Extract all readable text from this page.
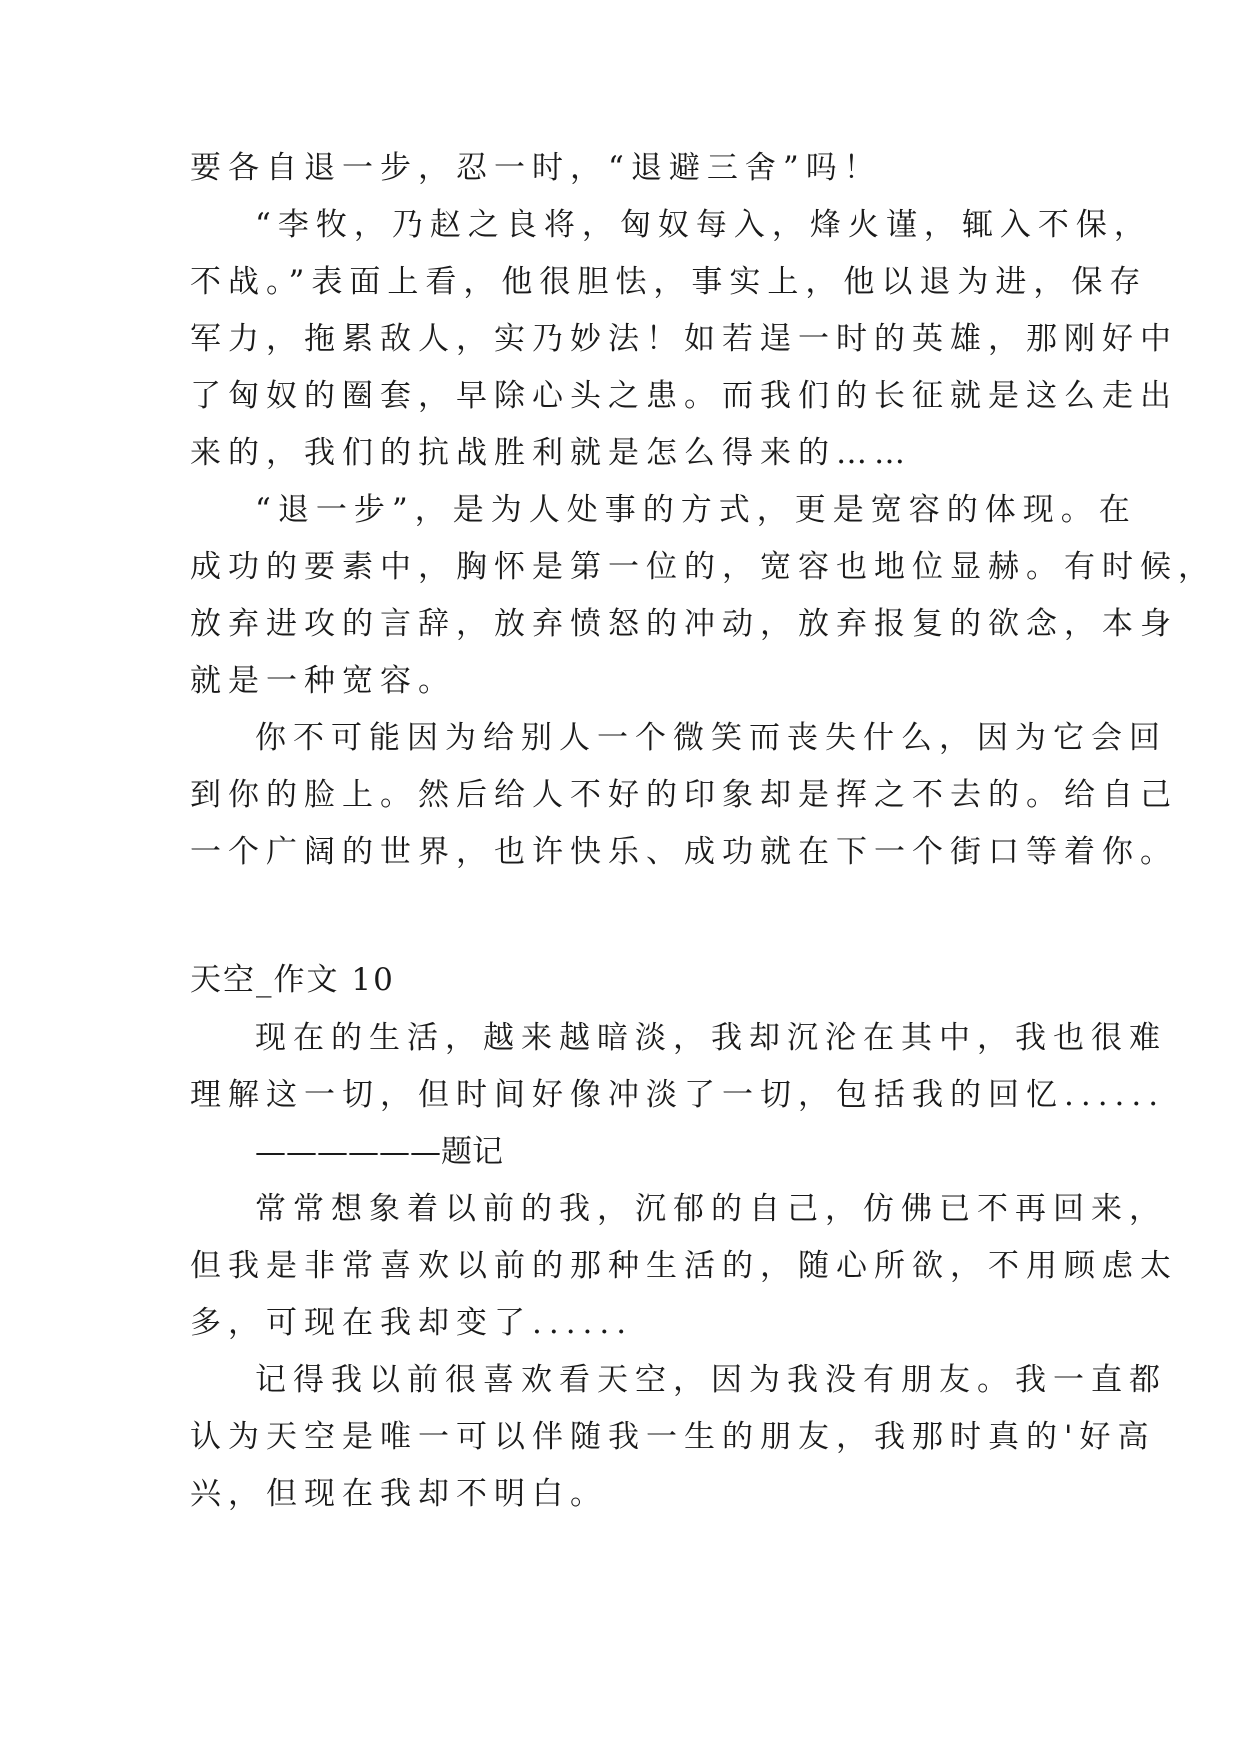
要各自退一步，忍一时，“退避三舍”吗！
“李牧，乃赵之良将，匈奴每入，烽火谨，辄入不保，
不战。”表面上看，他很胆怯，事实上，他以退为进，保存
军力，拖累敌人，实乃妙法！如若逞一时的英雄，那刚好中
了匈奴的圈套，早除心头之患。而我们的长征就是这么走出
来的，我们的抗战胜利就是怎么得来的……
“退一步”，是为人处事的方式，更是宽容的体现。在
成功的要素中，胸怀是第一位的，宽容也地位显赫。有时候，
放弃进攻的言辞，放弃愤怒的冲动，放弃报复的欲念，本身
就是一种宽容。
你不可能因为给别人一个微笑而丧失什么，因为它会回
到你的脸上。然后给人不好的印象却是挥之不去的。给自己
一个广阔的世界，也许快乐、成功就在下一个街口等着你。
天空_作文 10
现在的生活，越来越暗淡，我却沉沦在其中，我也很难
理解这一切，但时间好像冲淡了一切，包括我的回忆......
——————题记
常常想象着以前的我，沉郁的自己，仿佛已不再回来，
但我是非常喜欢以前的那种生活的，随心所欲，不用顾虑太
多，可现在我却变了......
记得我以前很喜欢看天空，因为我没有朋友。我一直都
认为天空是唯一可以伴随我一生的朋友，我那时真的'好高
兴，但现在我却不明白。
